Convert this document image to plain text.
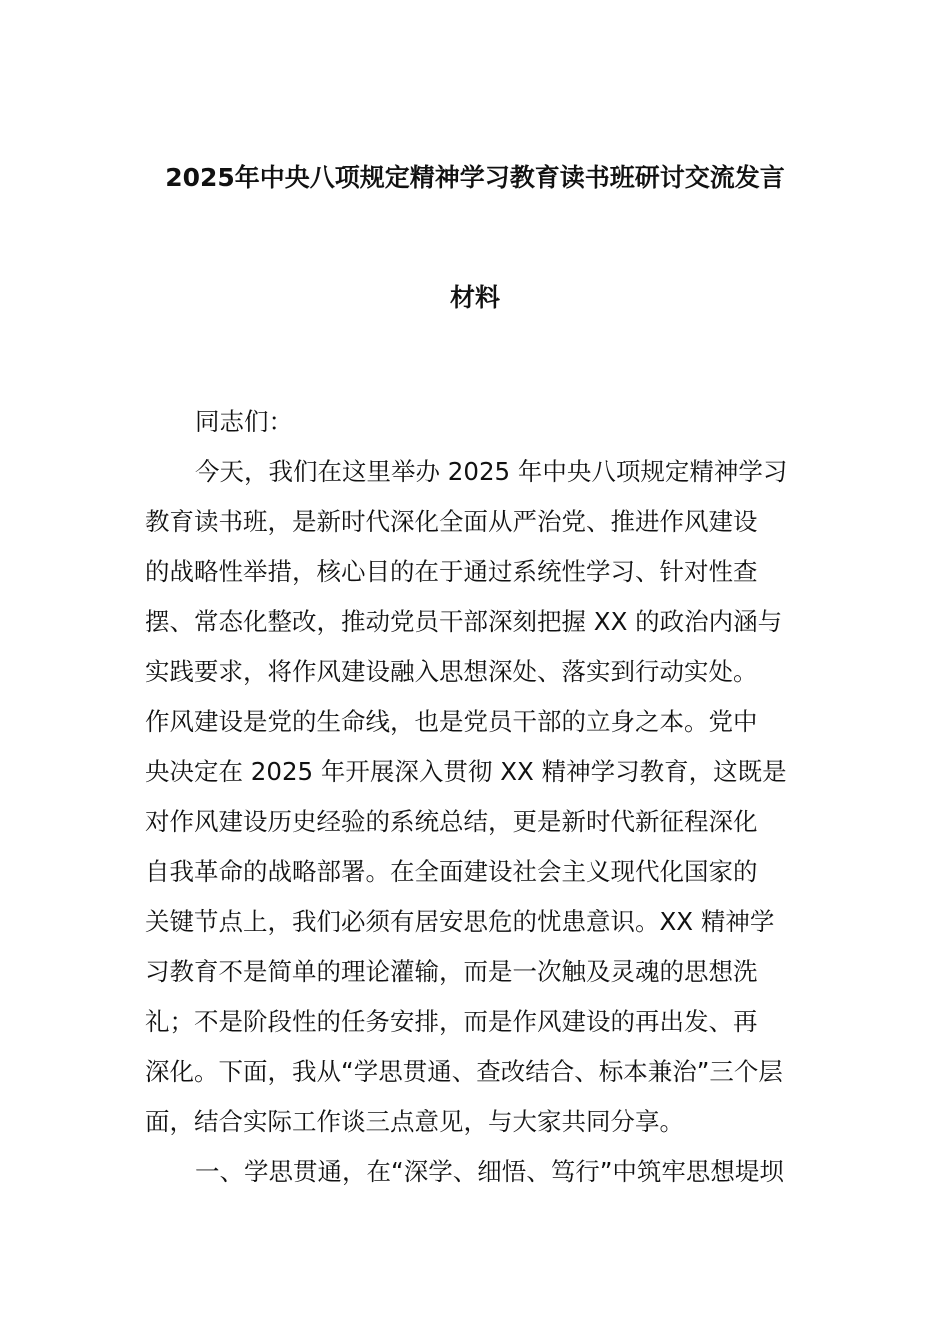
2025年中央八项规定精神学习教育读书班研讨交流发言
材料
同志们：
今天，我们在这里举办 2025 年中央八项规定精神学习
教育读书班，是新时代深化全面从严治党、推进作风建设
的战略性举措，核心目的在于通过系统性学习、针对性查
摆、常态化整改，推动党员干部深刻把握 XX 的政治内涵与
实践要求，将作风建设融入思想深处、落实到行动实处。
作风建设是党的生命线，也是党员干部的立身之本。党中
央决定在 2025 年开展深入贯彻 XX 精神学习教育，这既是
对作风建设历史经验的系统总结，更是新时代新征程深化
自我革命的战略部署。在全面建设社会主义现代化国家的
关键节点上，我们必须有居安思危的忧患意识。XX 精神学
习教育不是简单的理论灌输，而是一次触及灵魂的思想洗
礼；不是阶段性的任务安排，而是作风建设的再出发、再
深化。下面，我从“学思贯通、查改结合、标本兼治”三个层
面，结合实际工作谈三点意见，与大家共同分享。
一、学思贯通，在“深学、细悟、笃行”中筑牢思想堤坝
